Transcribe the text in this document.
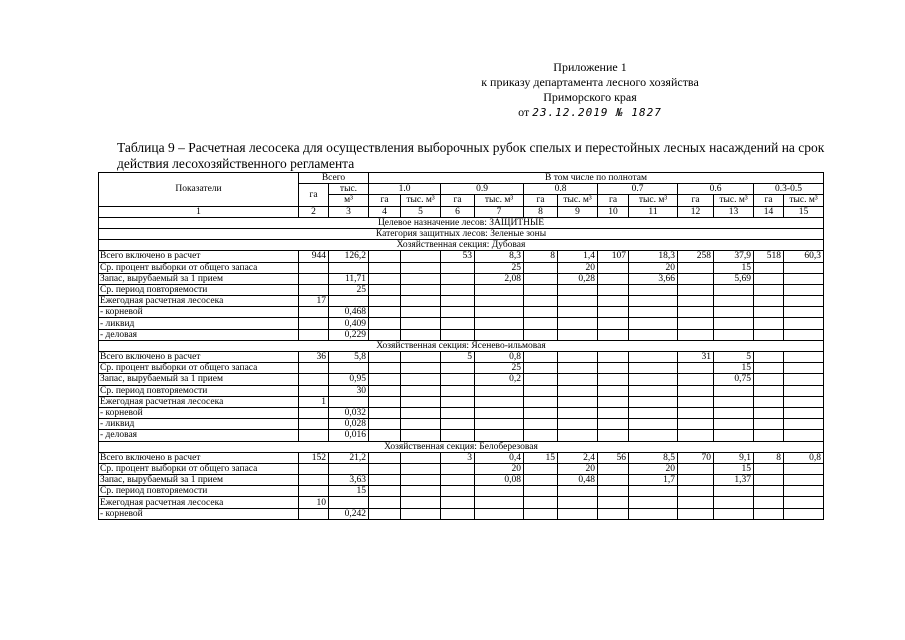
Приложение 1
к приказу департамента лесного хозяйства
Приморского края
от 23.12.2019 № 1827
Таблица 9 – Расчетная лесосека для осуществления выборочных рубок спелых и перестойных лесных насаждений на срок
действия лесохозяйственного регламента
Показатели	Всего		В том числе по полнотам											
	га	тыс.	1.0		0.9		0.8		0.7		0.6		0.3-0.5	
		м³	га	тыс. м³	га	тыс. м³	га	тыс. м³	га	тыс. м³	га	тыс. м³	га	тыс. м³
1	2	3	4	5	6	7	8	9	10	11	12	13	14	15
Целевое назначение лесов: ЗАЩИТНЫЕ														
Категория защитных лесов: Зеленые зоны														
Хозяйственная секция: Дубовая														
Всего включено в расчет	944	126,2			53	8,3	8	1,4	107	18,3	258	37,9	518	60,3
Ср. процент выборки от общего запаса						25		20		20		15		
Запас, вырубаемый за 1 прием		11,71				2,08		0,28		3,66		5,69		
Ср. период повторяемости		25												
Ежегодная расчетная лесосека	17													
- корневой		0,468												
- ликвид		0,409												
- деловая		0,229												
Хозяйственная секция: Ясенево-ильмовая														
Всего включено в расчет	36	5,8			5	0,8					31	5		
Ср. процент выборки от общего запаса						25						15		
Запас, вырубаемый за 1 прием		0,95				0,2						0,75		
Ср. период повторяемости		30												
Ежегодная расчетная лесосека	1													
- корневой		0,032												
- ликвид		0,028												
- деловая		0,016												
Хозяйственная секция: Белоберезовая														
Всего включено в расчет	152	21,2			3	0,4	15	2,4	56	8,5	70	9,1	8	0,8
Ср. процент выборки от общего запаса						20		20		20		15		
Запас, вырубаемый за 1 прием		3,63				0,08		0,48		1,7		1,37		
Ср. период повторяемости		15												
Ежегодная расчетная лесосека	10													
- корневой		0,242												
